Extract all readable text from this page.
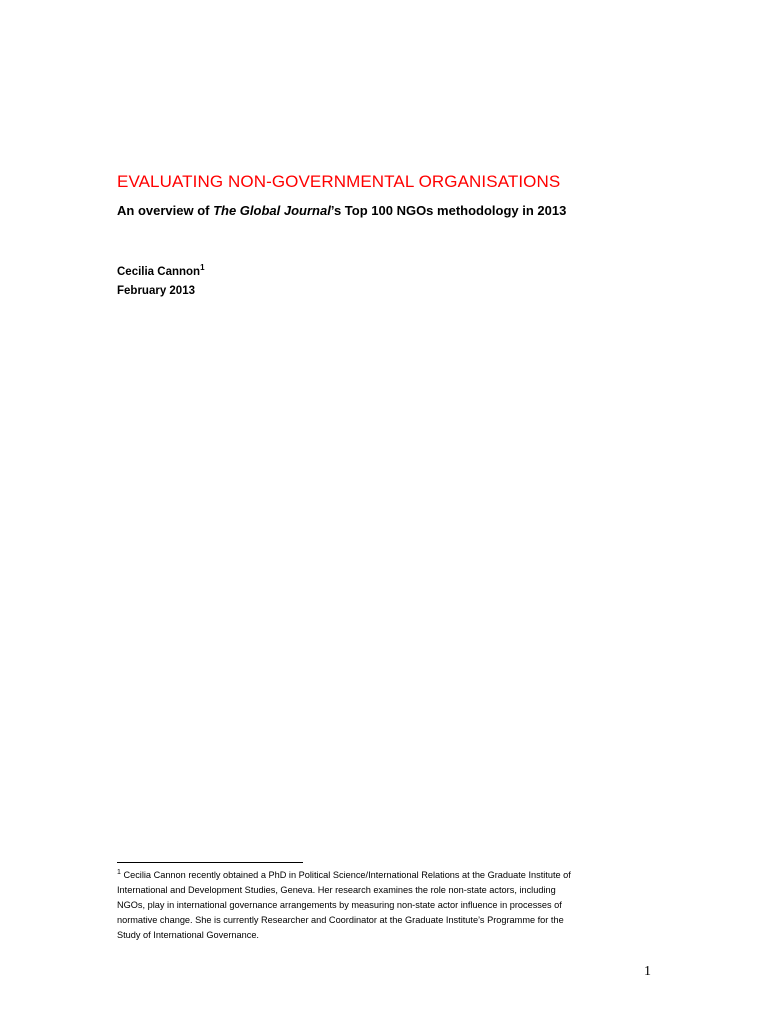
EVALUATING NON-GOVERNMENTAL ORGANISATIONS
An overview of The Global Journal’s Top 100 NGOs methodology in 2013
Cecilia Cannon$^1$
February 2013
$^1$ Cecilia Cannon recently obtained a PhD in Political Science/International Relations at the Graduate Institute of
International and Development Studies, Geneva. Her research examines the role non-state actors, including
NGOs, play in international governance arrangements by measuring non-state actor influence in processes of
normative change. She is currently Researcher and Coordinator at the Graduate Institute’s Programme for the
Study of International Governance.
1
